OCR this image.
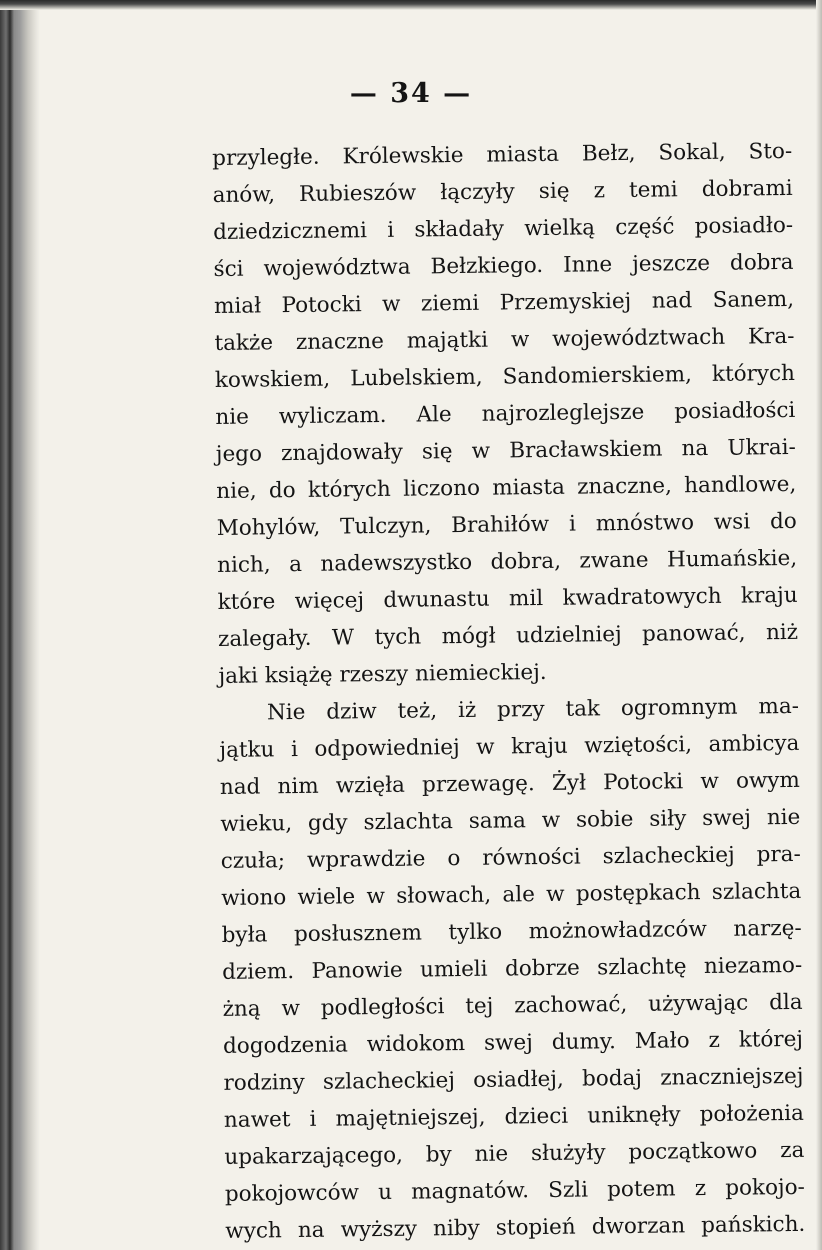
— 34 —
przyległe. Królewskie miasta Bełz, Sokal, Sto-
anów, Rubieszów łączyły się z temi dobrami
dziedzicznemi i składały wielką część posiadło-
ści województwa Bełzkiego. Inne jeszcze dobra
miał Potocki w ziemi Przemyskiej nad Sanem,
także znaczne majątki w województwach Kra-
kowskiem, Lubelskiem, Sandomierskiem, których
nie wyliczam. Ale najrozleglejsze posiadłości
jego znajdowały się w Bracławskiem na Ukrai-
nie, do których liczono miasta znaczne, handlowe,
Mohylów, Tulczyn, Brahiłów i mnóstwo wsi do
nich, a nadewszystko dobra, zwane Humańskie,
które więcej dwunastu mil kwadratowych kraju
zalegały. W tych mógł udzielniej panować, niż
jaki książę rzeszy niemieckiej.
Nie dziw też, iż przy tak ogromnym ma-
jątku i odpowiedniej w kraju wziętości, ambicya
nad nim wzięła przewagę. Żył Potocki w owym
wieku, gdy szlachta sama w sobie siły swej nie
czuła; wprawdzie o równości szlacheckiej pra-
wiono wiele w słowach, ale w postępkach szlachta
była posłusznem tylko możnowładzców narzę-
dziem. Panowie umieli dobrze szlachtę niezamo-
żną w podległości tej zachować, używając dla
dogodzenia widokom swej dumy. Mało z której
rodziny szlacheckiej osiadłej, bodaj znaczniejszej
nawet i majętniejszej, dzieci uniknęły położenia
upakarzającego, by nie służyły początkowo za
pokojowców u magnatów. Szli potem z pokojo-
wych na wyższy niby stopień dworzan pańskich.
